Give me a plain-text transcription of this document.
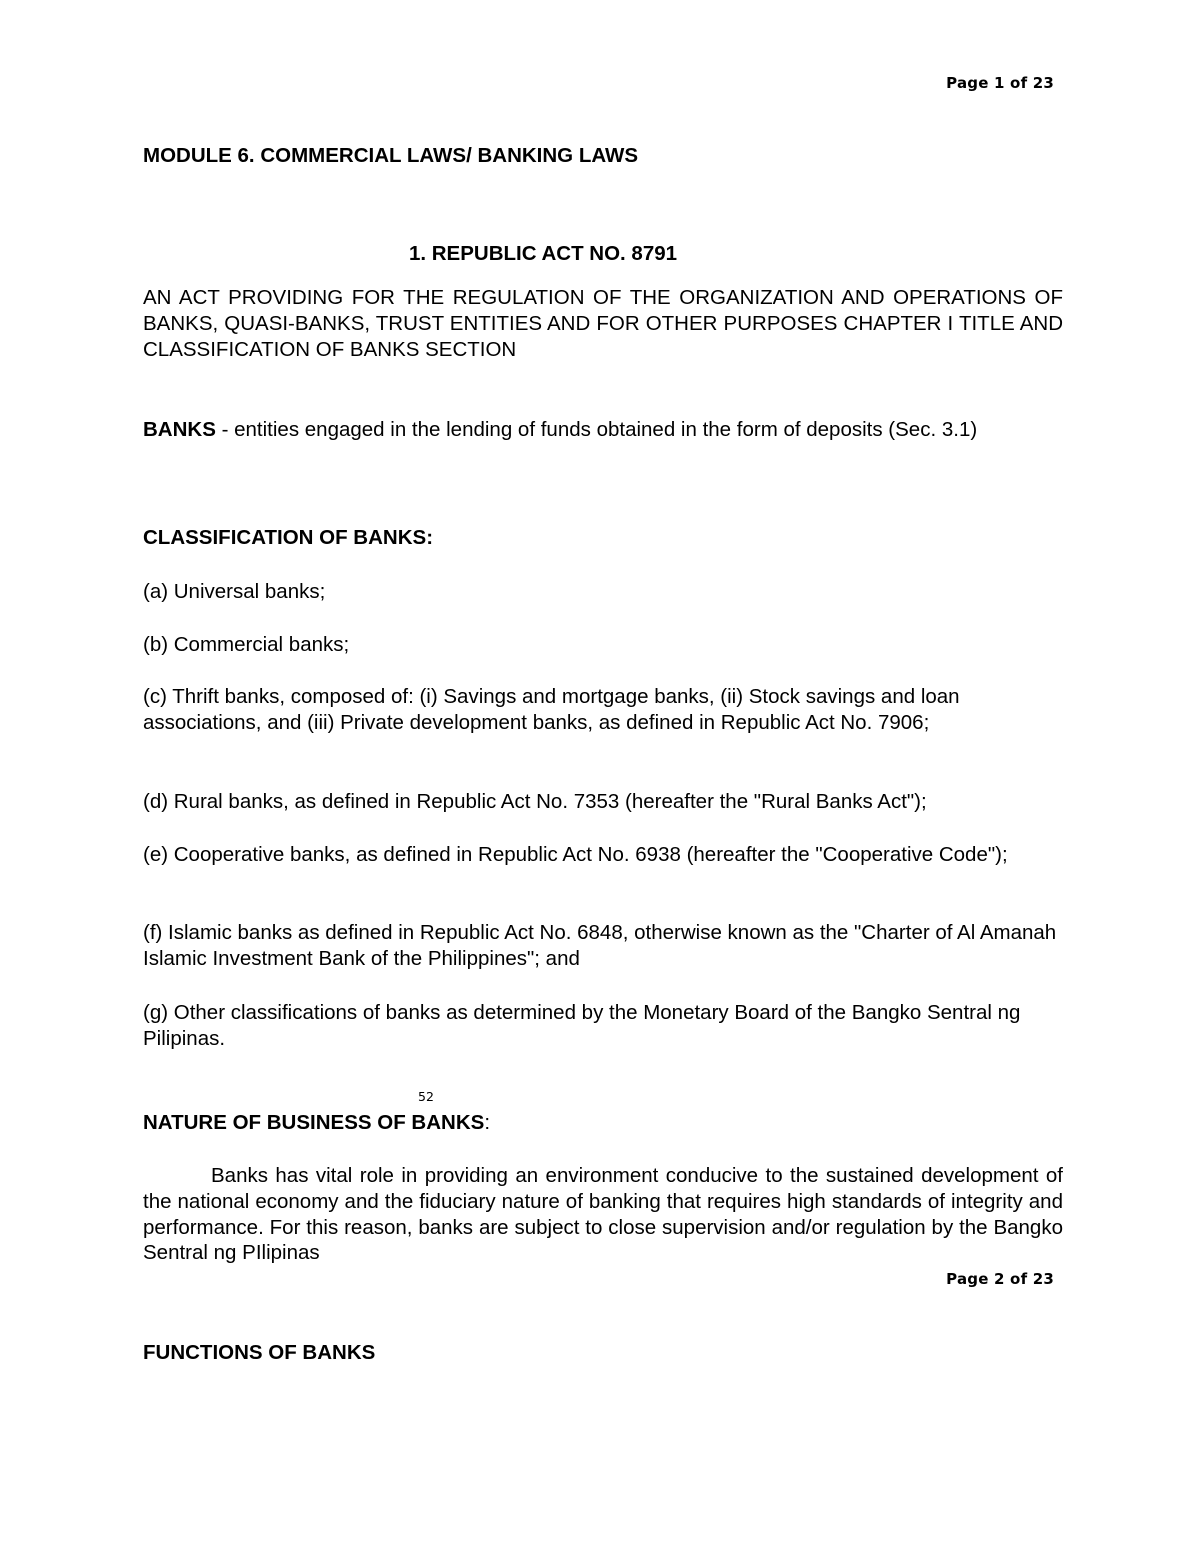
Page 1 of 23
MODULE 6. COMMERCIAL LAWS/ BANKING LAWS
1. REPUBLIC ACT NO. 8791
AN ACT PROVIDING FOR THE REGULATION OF THE ORGANIZATION AND OPERATIONS OF BANKS, QUASI-BANKS, TRUST ENTITIES AND FOR OTHER PURPOSES CHAPTER I TITLE AND CLASSIFICATION OF BANKS SECTION
BANKS - entities engaged in the lending of funds obtained in the form of deposits (Sec. 3.1)
CLASSIFICATION OF BANKS:
(a) Universal banks;
(b) Commercial banks;
(c) Thrift banks, composed of: (i) Savings and mortgage banks, (ii) Stock savings and loan associations, and (iii) Private development banks, as defined in Republic Act No. 7906;
(d) Rural banks, as defined in Republic Act No. 7353 (hereafter the "Rural Banks Act");
(e) Cooperative banks, as defined in Republic Act No. 6938 (hereafter the "Cooperative Code");
(f) Islamic banks as defined in Republic Act No. 6848, otherwise known as the "Charter of Al Amanah Islamic Investment Bank of the Philippines"; and
(g) Other classifications of banks as determined by the Monetary Board of the Bangko Sentral ng Pilipinas.
52
NATURE OF BUSINESS OF BANKS:
Banks has vital role in providing an environment conducive to the sustained development of the national economy and the fiduciary nature of banking that requires high standards of integrity and performance. For this reason, banks are subject to close supervision and/or regulation by the Bangko Sentral ng PIlipinas
Page 2 of 23
FUNCTIONS OF BANKS
